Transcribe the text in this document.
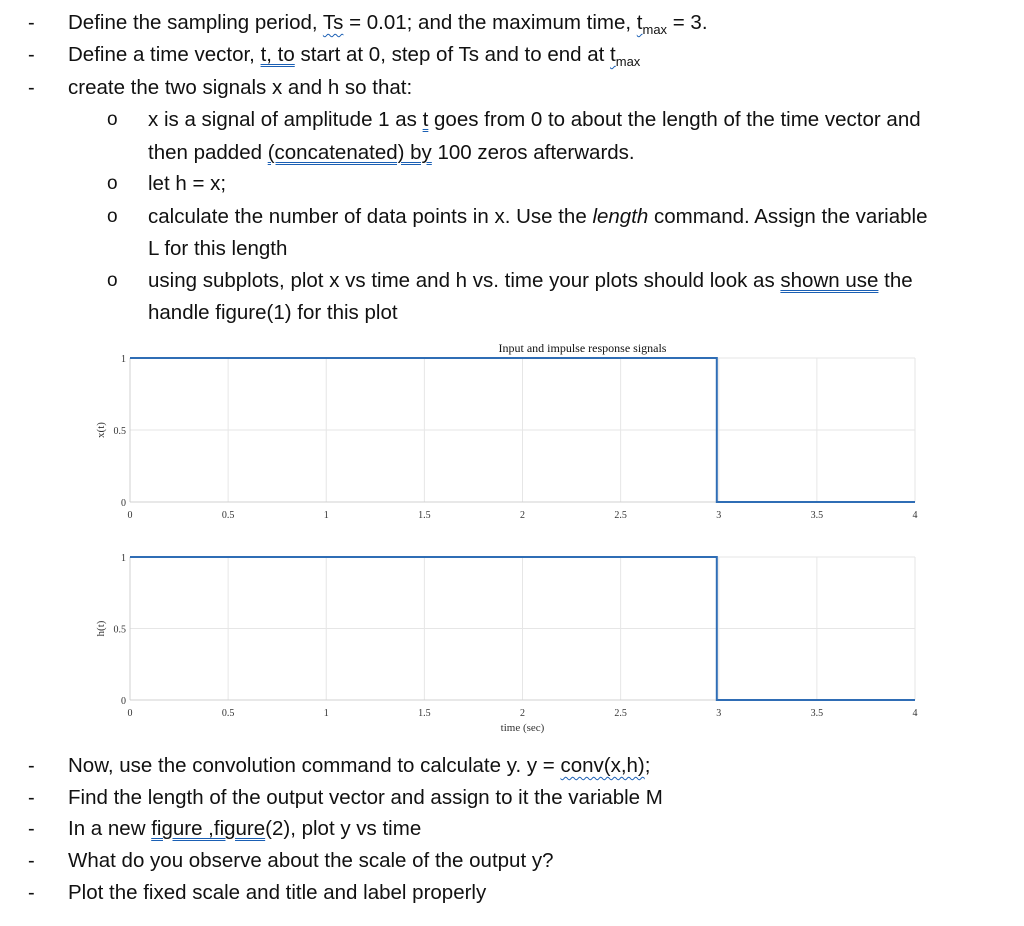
- Define the sampling period, Ts = 0.01; and the maximum time, $t_{max} = 3$.
- Define a time vector, t, to start at 0, step of Ts and to end at $t_{max}$
- create the two signals x and h so that:
o x is a signal of amplitude 1 as t goes from 0 to about the length of the time vector and
then padded (concatenated) by 100 zeros afterwards.
o let h = x;
o calculate the number of data points in x. Use the length command. Assign the variable
L for this length
o using subplots, plot x vs time and h vs. time your plots should look as shown use the
handle figure(1) for this plot
0	0.5	1	1.5	2	2.5	3	3.5	4
0
0.5
1
Input and impulse response signals
x(t)
0	0.5	1	1.5	2	2.5	3	3.5	4
0
0.5
1
h(t)
time (sec)
- Now, use the convolution command to calculate y. y = conv(x,h);
- Find the length of the output vector and assign to it the variable M
- In a new figure ,figure(2), plot y vs time
- What do you observe about the scale of the output y?
- Plot the fixed scale and title and label properly
